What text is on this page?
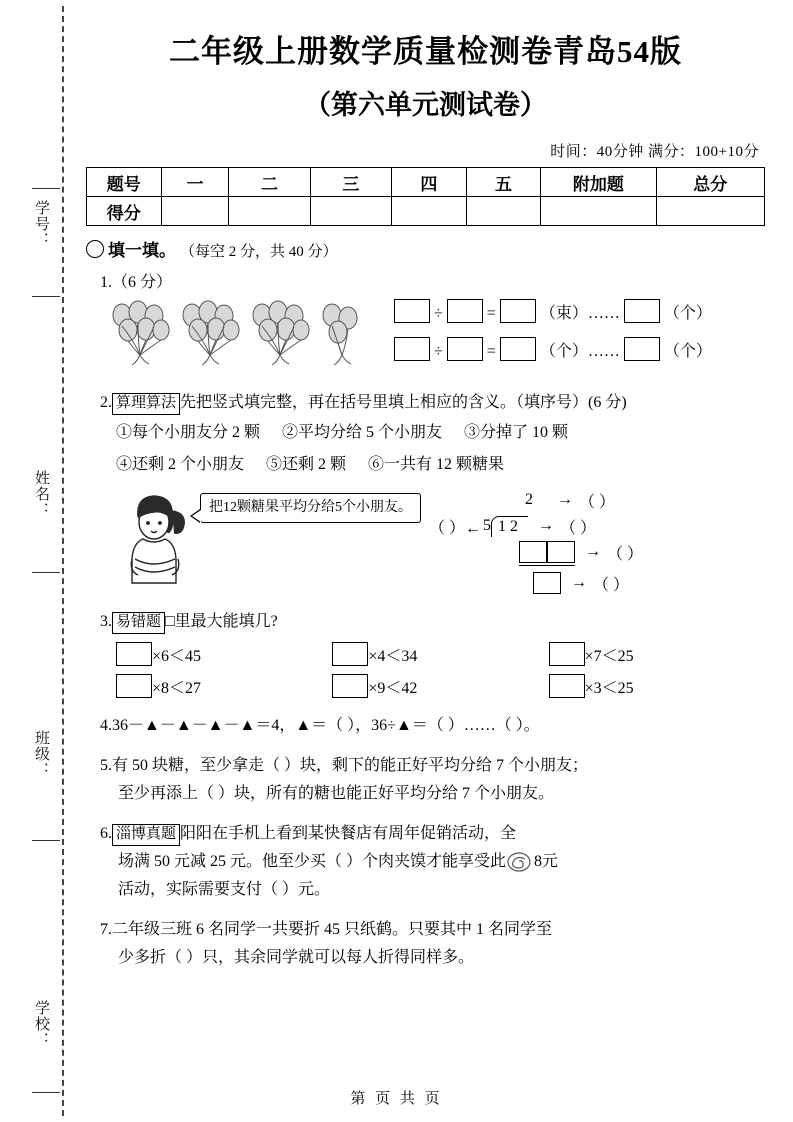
学号：
姓名：
班级：
学校：
二年级上册数学质量检测卷青岛54版
（第六单元测试卷）
时间：40分钟 满分：100+10分
题号	一	二	三	四	五	附加题	总分
得分							
填一填。 （每空 2 分，共 40 分）
1.（6 分）
÷	=	（束）……	（个）
÷	=	（个）……	（个）
2. 算理算法 先把竖式填完整，再在括号里填上相应的含义。（填序号）(6 分)
①每个小朋友分 2 颗 ②平均分给 5 个小朋友 ③分掉了 10 颗
④还剩 2 个小朋友 ⑤还剩 2 颗 ⑥一共有 12 颗糖果
把12颗糖果平均分给5个小朋友。	2	→ （ ）
（ ）← 5 1 2	→ （ ）
→ （ ）
→ （ ）
3. 易错题 □里最大能填几?
×6＜45	×4＜34	×7＜25
×8＜27	×9＜42	×3＜25
4.36－▲－▲－▲－▲＝4，▲＝（ ），36÷▲＝（ ）……（ ）。
5.有 50 块糖，至少拿走（ ）块，剩下的能正好平均分给 7 个小朋友；
至少再添上（ ）块，所有的糖也能正好平均分给 7 个小朋友。
6. 淄博真题 阳阳在手机上看到某快餐店有周年促销活动，全
场满 50 元减 25 元。他至少买（ ）个肉夹馍才能享受此 8元
活动，实际需要支付（ ）元。
7.二年级三班 6 名同学一共要折 45 只纸鹤。只要其中 1 名同学至
少多折（ ）只，其余同学就可以每人折得同样多。
第 页 共 页
